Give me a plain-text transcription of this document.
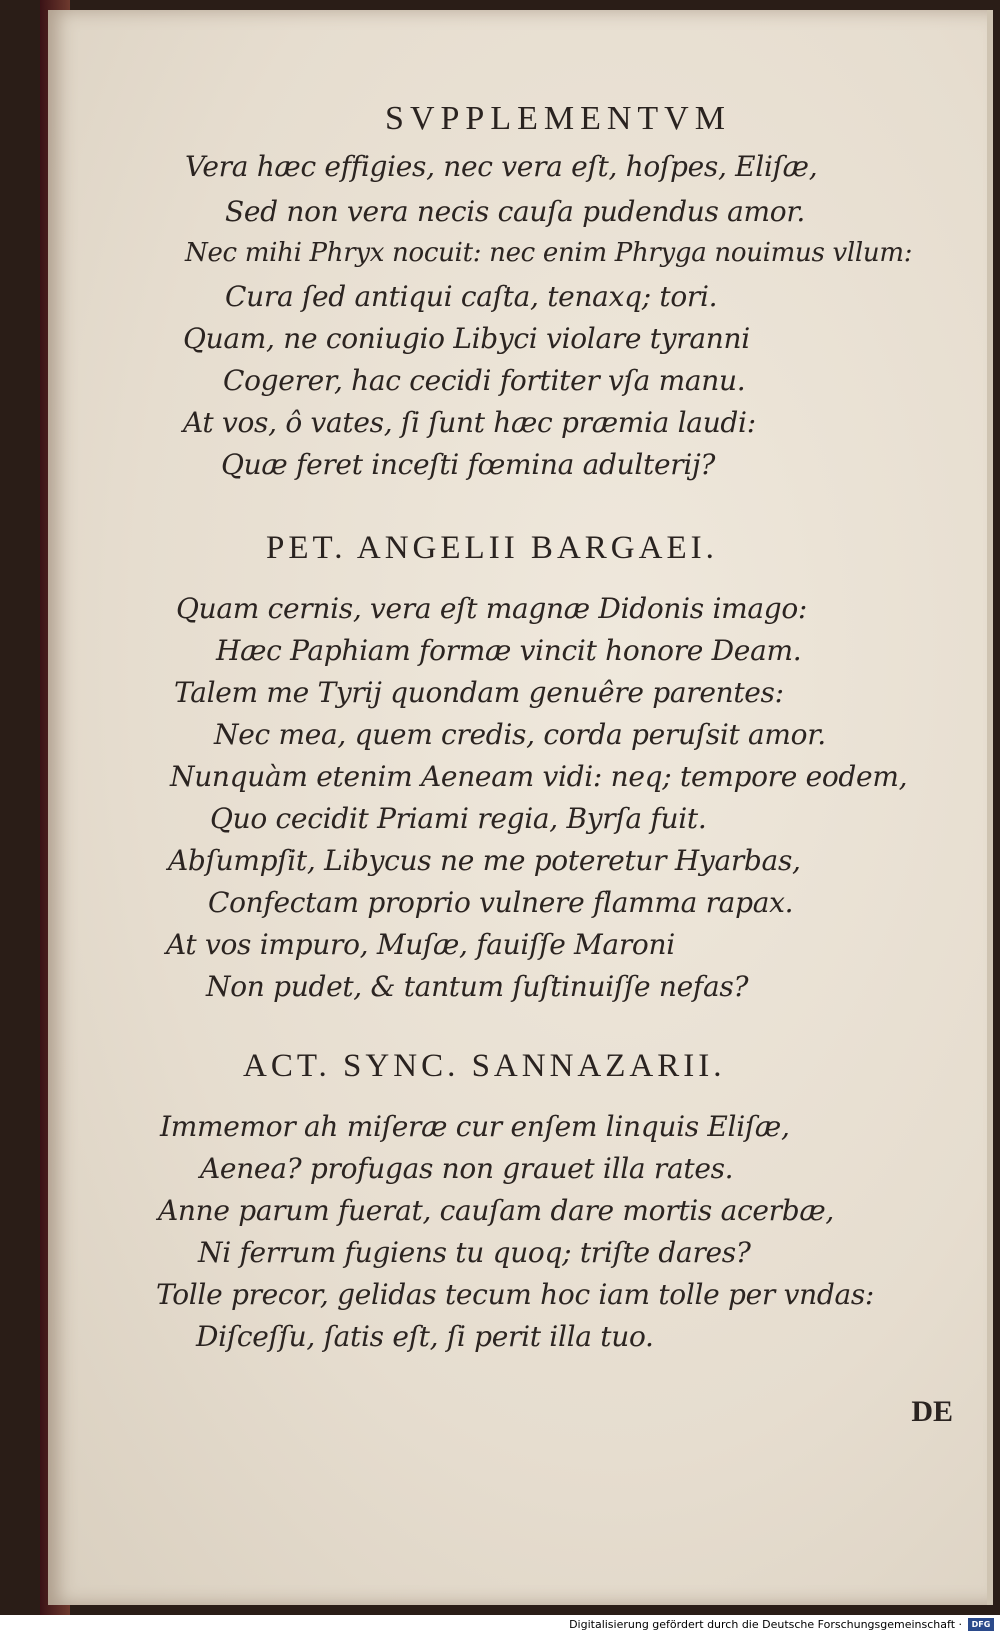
SVPPLEMENTVM
Vera hæc effigies, nec vera eſt, hoſpes, Eliſæ,
Sed non vera necis cauſa pudendus amor.
Nec mihi Phryx nocuit: nec enim Phryga nouimus vllum:
Cura ſed antiqui caſta, tenaxq; tori.
Quam, ne coniugio Libyci violare tyranni
Cogerer, hac cecidi fortiter vſa manu.
At vos, ô vates, ſi ſunt hæc præmia laudi:
Quæ feret inceſti fœmina adulterij?
PET. ANGELII BARGAEI.
Quam cernis, vera eſt magnæ Didonis imago:
Hæc Paphiam formæ vincit honore Deam.
Talem me Tyrij quondam genuêre parentes:
Nec mea, quem credis, corda peruſsit amor.
Nunquàm etenim Aeneam vidi: neq; tempore eodem,
Quo cecidit Priami regia, Byrſa fuit.
Abſumpſit, Libycus ne me poteretur Hyarbas,
Confectam proprio vulnere flamma rapax.
At vos impuro, Muſæ, fauiſſe Maroni
Non pudet, & tantum ſuſtinuiſſe nefas?
ACT. SYNC. SANNAZARII.
Immemor ah miſeræ cur enſem linquis Eliſæ,
Aenea? profugas non grauet illa rates.
Anne parum fuerat, cauſam dare mortis acerbæ,
Ni ferrum fugiens tu quoq; triſte dares?
Tolle precor, gelidas tecum hoc iam tolle per vndas:
Diſceſſu, ſatis eſt, ſi perit illa tuo.
DE
Digitalisierung gefördert durch die Deutsche Forschungsgemeinschaft ·	DFG
